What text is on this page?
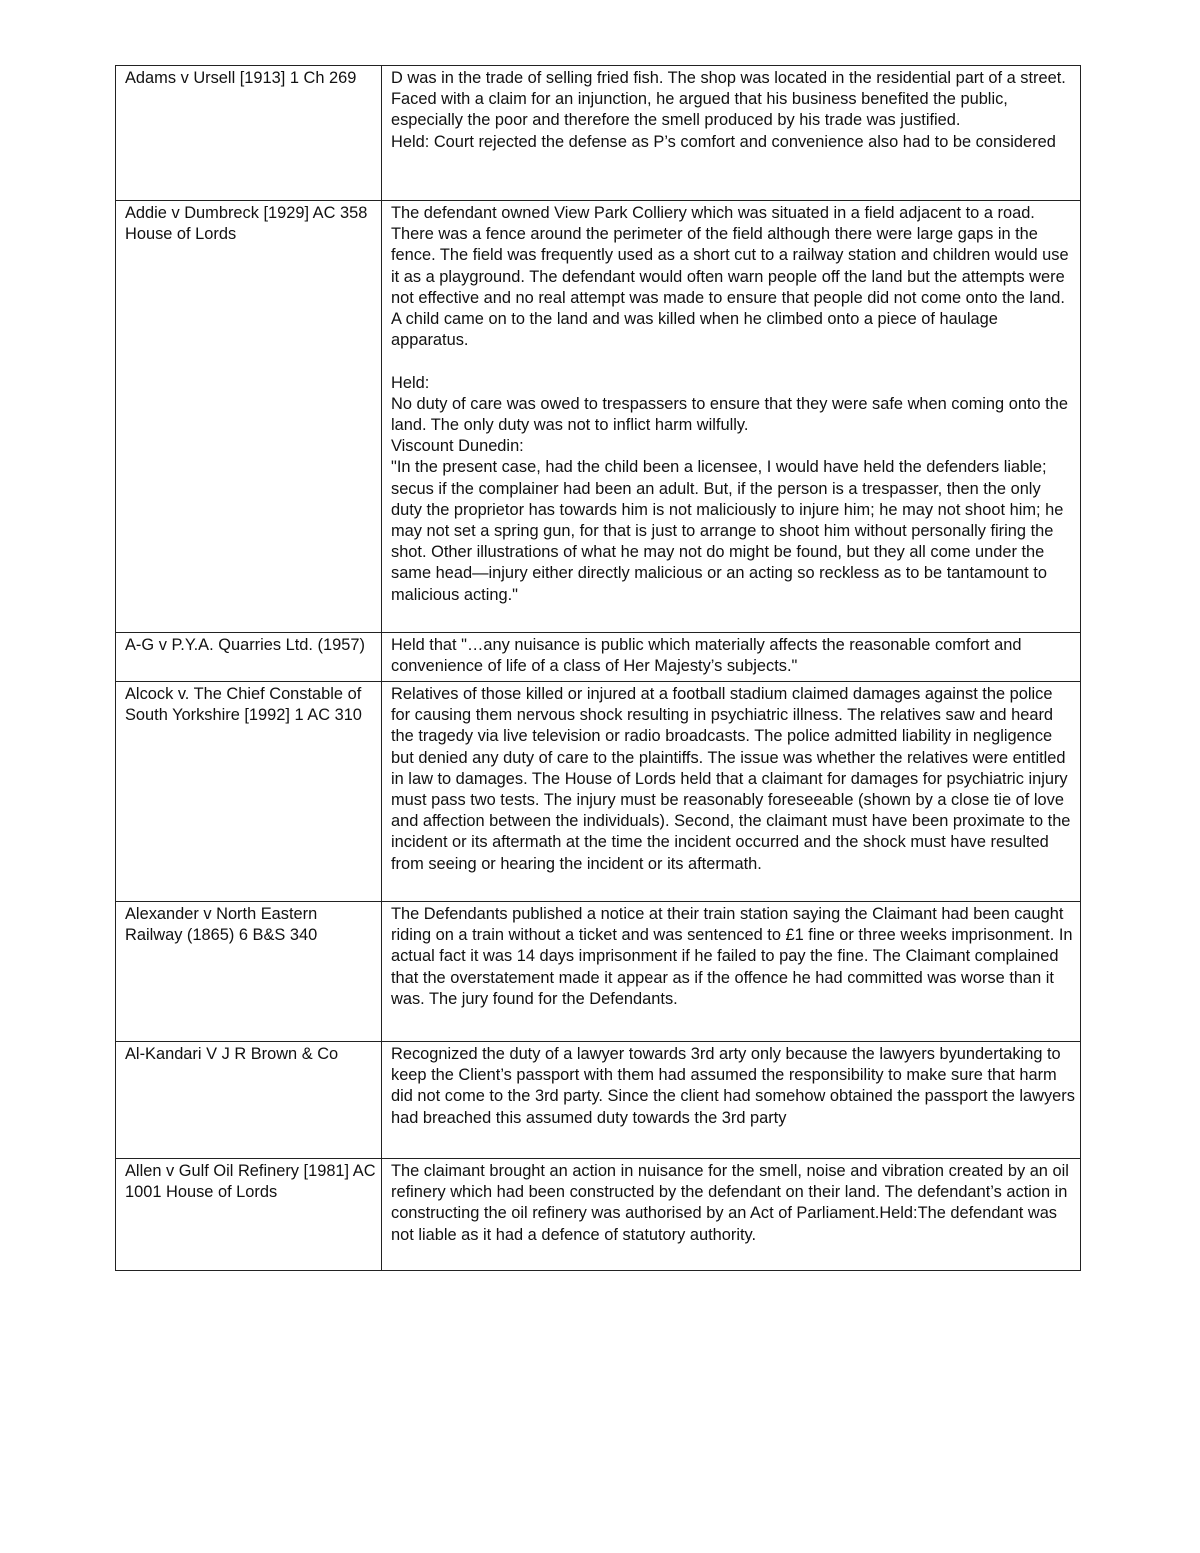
Adams v Ursell [1913] 1 Ch 269	D was in the trade of selling fried fish. The shop was located in the residential part of a street. Faced with a claim for an injunction, he argued that his business benefited the public, especially the poor and therefore the smell produced by his trade was justified.
Held: Court rejected the defense as P’s comfort and convenience also had to be considered
Addie v Dumbreck [1929] AC 358 House of Lords	The defendant owned View Park Colliery which was situated in a field adjacent to a road. There was a fence around the perimeter of the field although there were large gaps in the fence. The field was frequently used as a short cut to a railway station and children would use it as a playground. The defendant would often warn people off the land but the attempts were not effective and no real attempt was made to ensure that people did not come onto the land. A child came on to the land and was killed when he climbed onto a piece of haulage apparatus.

Held:
No duty of care was owed to trespassers to ensure that they were safe when coming onto the land. The only duty was not to inflict harm wilfully.
Viscount Dunedin:
"In the present case, had the child been a licensee, I would have held the defenders liable; secus if the complainer had been an adult. But, if the person is a trespasser, then the only duty the proprietor has towards him is not maliciously to injure him; he may not shoot him; he may not set a spring gun, for that is just to arrange to shoot him without personally firing the shot. Other illustrations of what he may not do might be found, but they all come under the same head—injury either directly malicious or an acting so reckless as to be tantamount to malicious acting."
A-G v P.Y.A. Quarries Ltd. (1957)	Held that "…any nuisance is public which materially affects the reasonable comfort and convenience of life of a class of Her Majesty’s subjects."
Alcock v. The Chief Constable of South Yorkshire [1992] 1 AC 310	Relatives of those killed or injured at a football stadium claimed damages against the police for causing them nervous shock resulting in psychiatric illness. The relatives saw and heard the tragedy via live television or radio broadcasts. The police admitted liability in negligence but denied any duty of care to the plaintiffs. The issue was whether the relatives were entitled in law to damages. The House of Lords held that a claimant for damages for psychiatric injury must pass two tests. The injury must be reasonably foreseeable (shown by a close tie of love and affection between the individuals). Second, the claimant must have been proximate to the incident or its aftermath at the time the incident occurred and the shock must have resulted from seeing or hearing the incident or its aftermath.
Alexander v North Eastern Railway (1865) 6 B&S 340	The Defendants published a notice at their train station saying the Claimant had been caught riding on a train without a ticket and was sentenced to £1 fine or three weeks imprisonment. In actual fact it was 14 days imprisonment if he failed to pay the fine. The Claimant complained that the overstatement made it appear as if the offence he had committed was worse than it was. The jury found for the Defendants.
Al-Kandari V J R Brown & Co	Recognized the duty of a lawyer towards 3rd arty only because the lawyers byundertaking to keep the Client’s passport with them had assumed the responsibility to make sure that harm did not come to the 3rd party. Since the client had somehow obtained the passport the lawyers had breached this assumed duty towards the 3rd party
Allen v Gulf Oil Refinery [1981] AC 1001 House of Lords	The claimant brought an action in nuisance for the smell, noise and vibration created by an oil refinery which had been constructed by the defendant on their land. The defendant’s action in constructing the oil refinery was authorised by an Act of Parliament.Held:The defendant was not liable as it had a defence of statutory authority.
